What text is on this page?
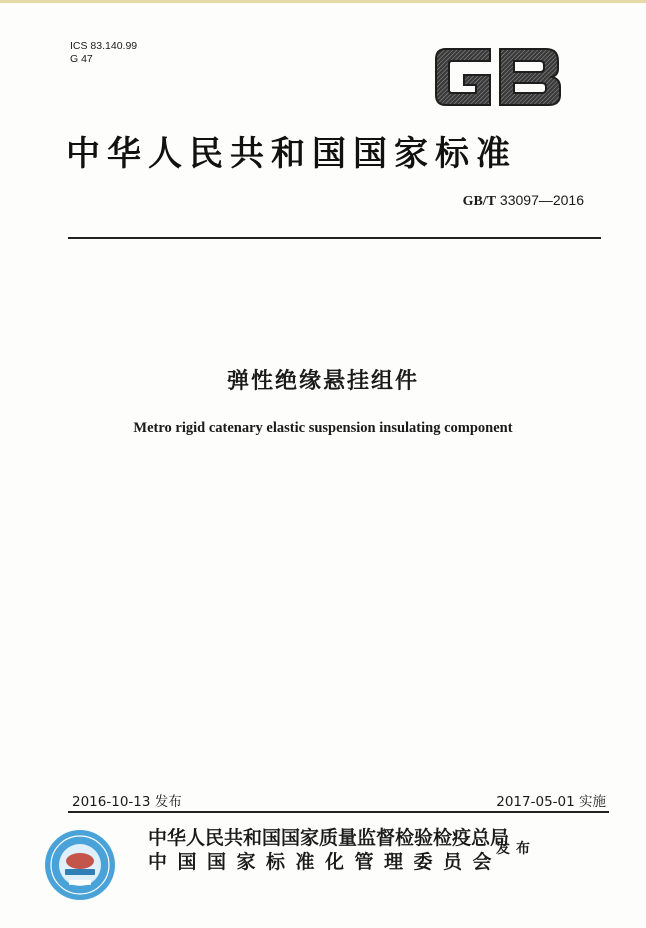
ICS 83.140.99
G 47
中华人民共和国国家标准
GB/T 33097—2016
弹性绝缘悬挂组件
Metro rigid catenary elastic suspension insulating component
2016-10-13 发布	2017-05-01 实施
中华人民共和国国家质量监督检验检疫总局
中国国家标准化管理委员会
发布
